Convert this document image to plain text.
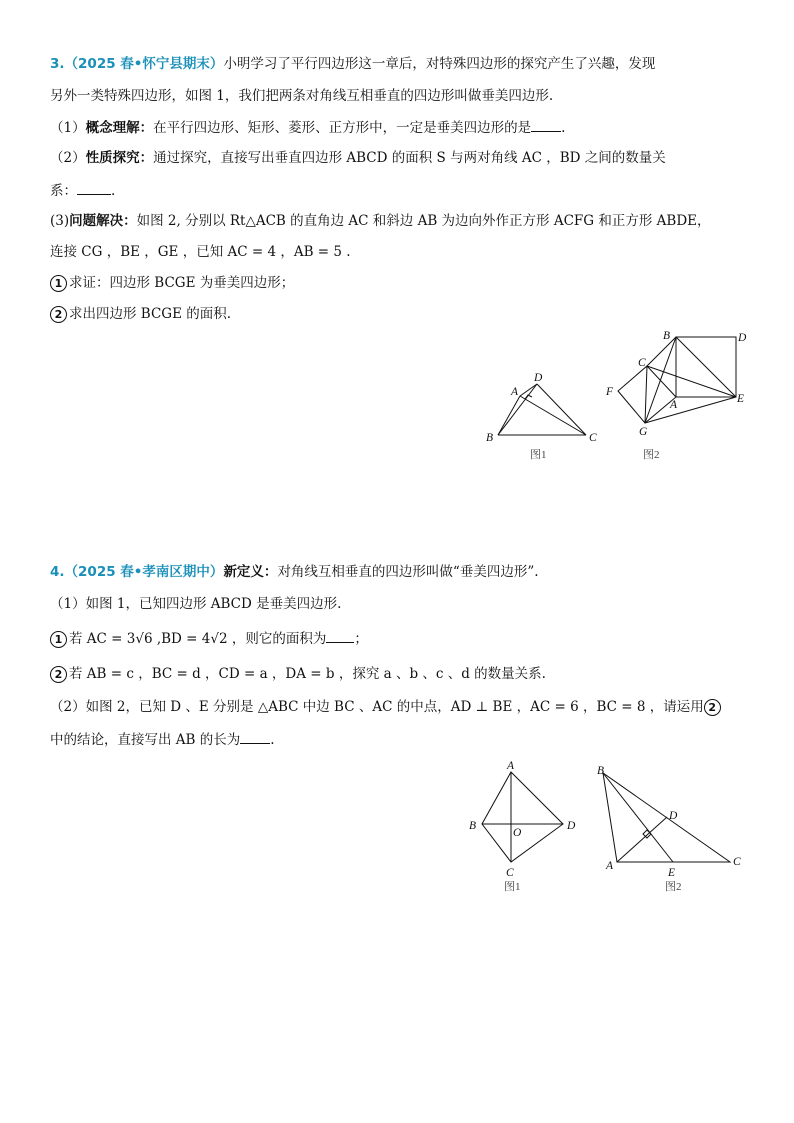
3.（2025 春•怀宁县期末）小明学习了平行四边形这一章后，对特殊四边形的探究产生了兴趣，发现
另外一类特殊四边形，如图 1，我们把两条对角线互相垂直的四边形叫做垂美四边形.
（1）概念理解：在平行四边形、矩形、菱形、正方形中，一定是垂美四边形的是 .
（2）性质探究：通过探究，直接写出垂直四边形 ABCD 的面积 S 与两对角线 AC ，BD 之间的数量关
系：	.
(3)问题解决：如图 2, 分别以 Rt△ACB 的直角边 AC 和斜边 AB 为边向外作正方形 ACFG 和正方形 ABDE，
连接 CG ，BE ，GE ，已知 AC = 4 ，AB = 5 .
1 求证：四边形 BCGE 为垂美四边形；
2 求出四边形 BCGE 的面积.
A
D
B	C
图1
B	D
C
F
A	E
G
图2
4.（2025 春•孝南区期中）新定义：对角线互相垂直的四边形叫做“垂美四边形”.
（1）如图 1，已知四边形 ABCD 是垂美四边形.
1 若 AC = 3√6 ,BD = 4√2 ，则它的面积为 ；
2 若 AB = c ，BC = d ，CD = a ，DA = b ，探究 a 、b 、c 、d 的数量关系.
（2）如图 2，已知 D 、E 分别是 △ABC 中边 BC 、AC 的中点，AD ⊥ BE ，AC = 6 ，BC = 8 ，请运用 2
中的结论，直接写出 AB 的长为 .
A
B
O
D
C
图1
B
D
A
E
C
图2
